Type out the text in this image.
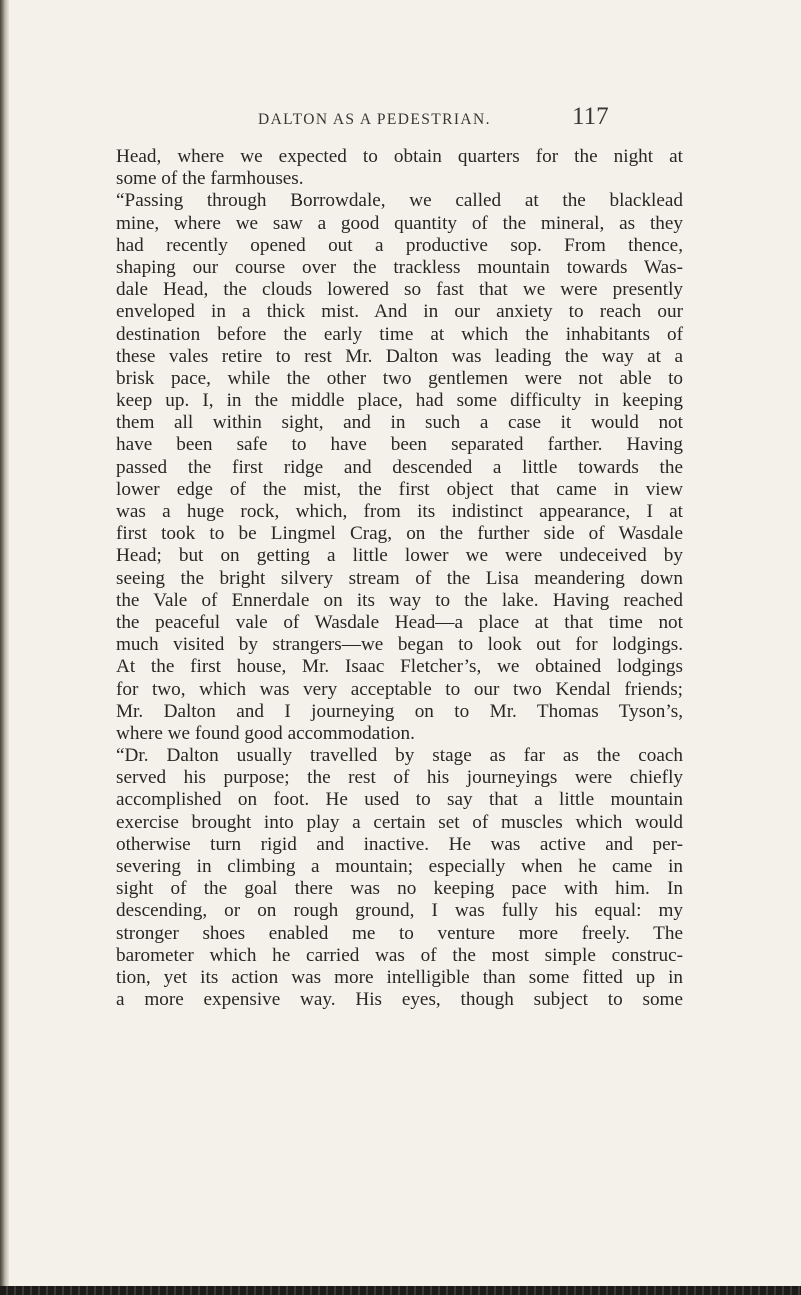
DALTON AS A PEDESTRIAN.	117
Head, where we expected to obtain quarters for the night at
some of the farmhouses.
“Passing through Borrowdale, we called at the blacklead
mine, where we saw a good quantity of the mineral, as they
had recently opened out a productive sop. From thence,
shaping our course over the trackless mountain towards Was-
dale Head, the clouds lowered so fast that we were presently
enveloped in a thick mist. And in our anxiety to reach our
destination before the early time at which the inhabitants of
these vales retire to rest Mr. Dalton was leading the way at a
brisk pace, while the other two gentlemen were not able to
keep up. I, in the middle place, had some difficulty in keeping
them all within sight, and in such a case it would not
have been safe to have been separated farther. Having
passed the first ridge and descended a little towards the
lower edge of the mist, the first object that came in view
was a huge rock, which, from its indistinct appearance, I at
first took to be Lingmel Crag, on the further side of Wasdale
Head; but on getting a little lower we were undeceived by
seeing the bright silvery stream of the Lisa meandering down
the Vale of Ennerdale on its way to the lake. Having reached
the peaceful vale of Wasdale Head—a place at that time not
much visited by strangers—we began to look out for lodgings.
At the first house, Mr. Isaac Fletcher’s, we obtained lodgings
for two, which was very acceptable to our two Kendal friends;
Mr. Dalton and I journeying on to Mr. Thomas Tyson’s,
where we found good accommodation.
“Dr. Dalton usually travelled by stage as far as the coach
served his purpose; the rest of his journeyings were chiefly
accomplished on foot. He used to say that a little mountain
exercise brought into play a certain set of muscles which would
otherwise turn rigid and inactive. He was active and per-
severing in climbing a mountain; especially when he came in
sight of the goal there was no keeping pace with him. In
descending, or on rough ground, I was fully his equal: my
stronger shoes enabled me to venture more freely. The
barometer which he carried was of the most simple construc-
tion, yet its action was more intelligible than some fitted up in
a more expensive way. His eyes, though subject to some
